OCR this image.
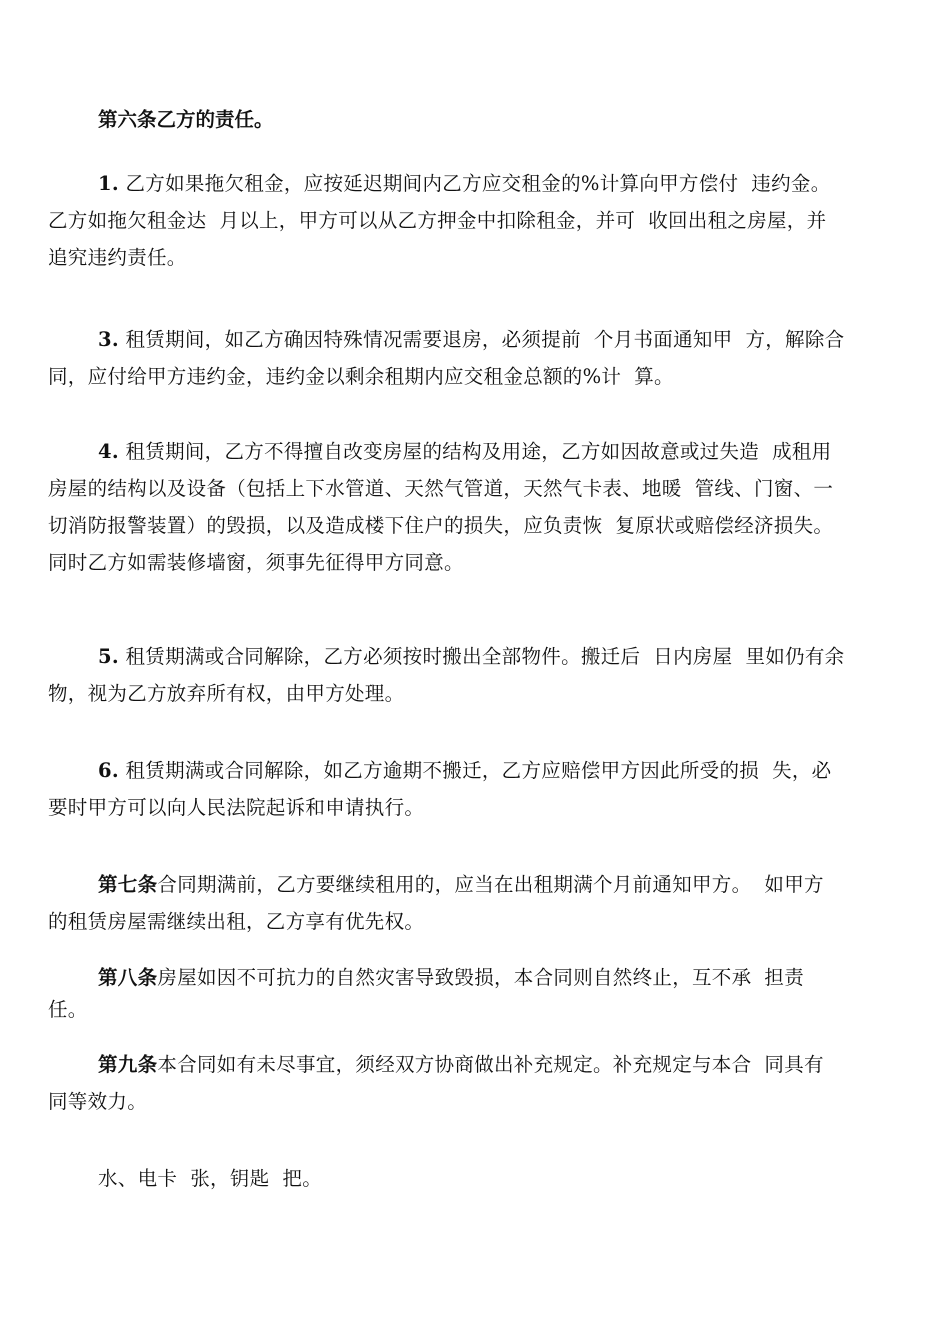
第六条乙方的责任。
1. 乙方如果拖欠租金，应按延迟期间内乙方应交租金的%计算向甲方偿付  违约金。
乙方如拖欠租金达  月以上，甲方可以从乙方押金中扣除租金，并可  收回出租之房屋，并
追究违约责任。
3. 租赁期间，如乙方确因特殊情况需要退房，必须提前  个月书面通知甲  方，解除合
同，应付给甲方违约金，违约金以剩余租期内应交租金总额的%计  算。
4. 租赁期间，乙方不得擅自改变房屋的结构及用途，乙方如因故意或过失造  成租用
房屋的结构以及设备（包括上下水管道、天然气管道，天然气卡表、地暖  管线、门窗、一
切消防报警装置）的毁损，以及造成楼下住户的损失，应负责恢  复原状或赔偿经济损失。
同时乙方如需装修墙窗，须事先征得甲方同意。
5. 租赁期满或合同解除，乙方必须按时搬出全部物件。搬迁后  日内房屋  里如仍有余
物，视为乙方放弃所有权，由甲方处理。
6. 租赁期满或合同解除，如乙方逾期不搬迁，乙方应赔偿甲方因此所受的损  失，必
要时甲方可以向人民法院起诉和申请执行。
第七条合同期满前，乙方要继续租用的，应当在出租期满个月前通知甲方。  如甲方
的租赁房屋需继续出租，乙方享有优先权。
第八条房屋如因不可抗力的自然灾害导致毁损，本合同则自然终止，互不承  担责
任。
第九条本合同如有未尽事宜，须经双方协商做出补充规定。补充规定与本合  同具有
同等效力。
水、电卡  张，钥匙  把。
